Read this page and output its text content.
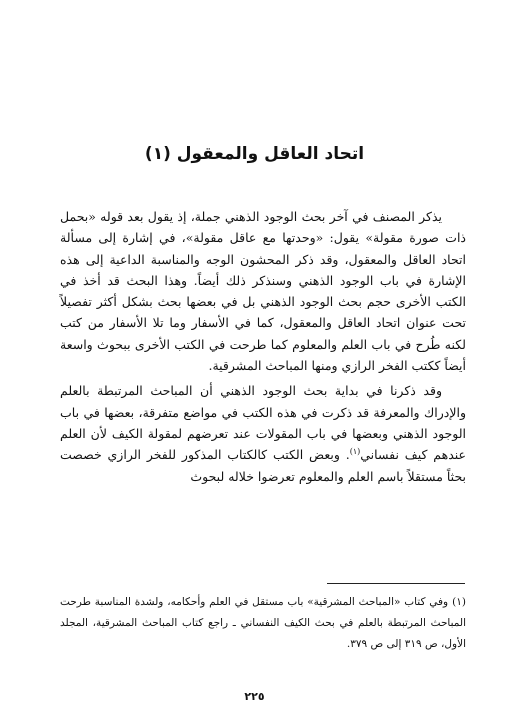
اتحاد العاقل والمعقول (١)

يذكر المصنف في آخر بحث الوجود الذهني جملة، إذ يقول بعد قوله «بحمل ذات صورة مقولة» يقول: «وحدتها مع عاقل مقولة»، في إشارة إلى مسألة اتحاد العاقل والمعقول، وقد ذكر المحشون الوجه والمناسبة الداعية إلى هذه الإشارة في باب الوجود الذهني وسنذكر ذلك أيضاً. وهذا البحث قد أخذ في الكتب الأخرى حجم بحث الوجود الذهني بل في بعضها بحث بشكل أكثر تفصيلاً تحت عنوان اتحاد العاقل والمعقول، كما في الأسفار وما تلا الأسفار من كتب لكنه طُرح في باب العلم والمعلوم كما طرحت في الكتب الأخرى ببحوث واسعة أيضاً ككتب الفخر الرازي ومنها المباحث المشرقية.

وقد ذكرنا في بداية بحث الوجود الذهني أن المباحث المرتبطة بالعلم والإدراك والمعرفة قد ذكرت في هذه الكتب في مواضع متفرقة، بعضها في باب الوجود الذهني وبعضها في باب المقولات عند تعرضهم لمقولة الكيف لأن العلم عندهم كيف نفساني$^{(١)}$. وبعض الكتب كالكتاب المذكور للفخر الرازي خصصت بحثاً مستقلاً باسم العلم والمعلوم تعرضوا خلاله لبحوث

(١)وفي كتاب «المباحث المشرقية» باب مستقل في العلم وأحكامه، ولشدة المناسبة طرحت المباحث المرتبطة بالعلم في بحث الكيف النفساني ـ راجع كتاب المباحث المشرقية، المجلد الأول، ص ٣١٩ إلى ص ٣٧٩.
٢٢٥
